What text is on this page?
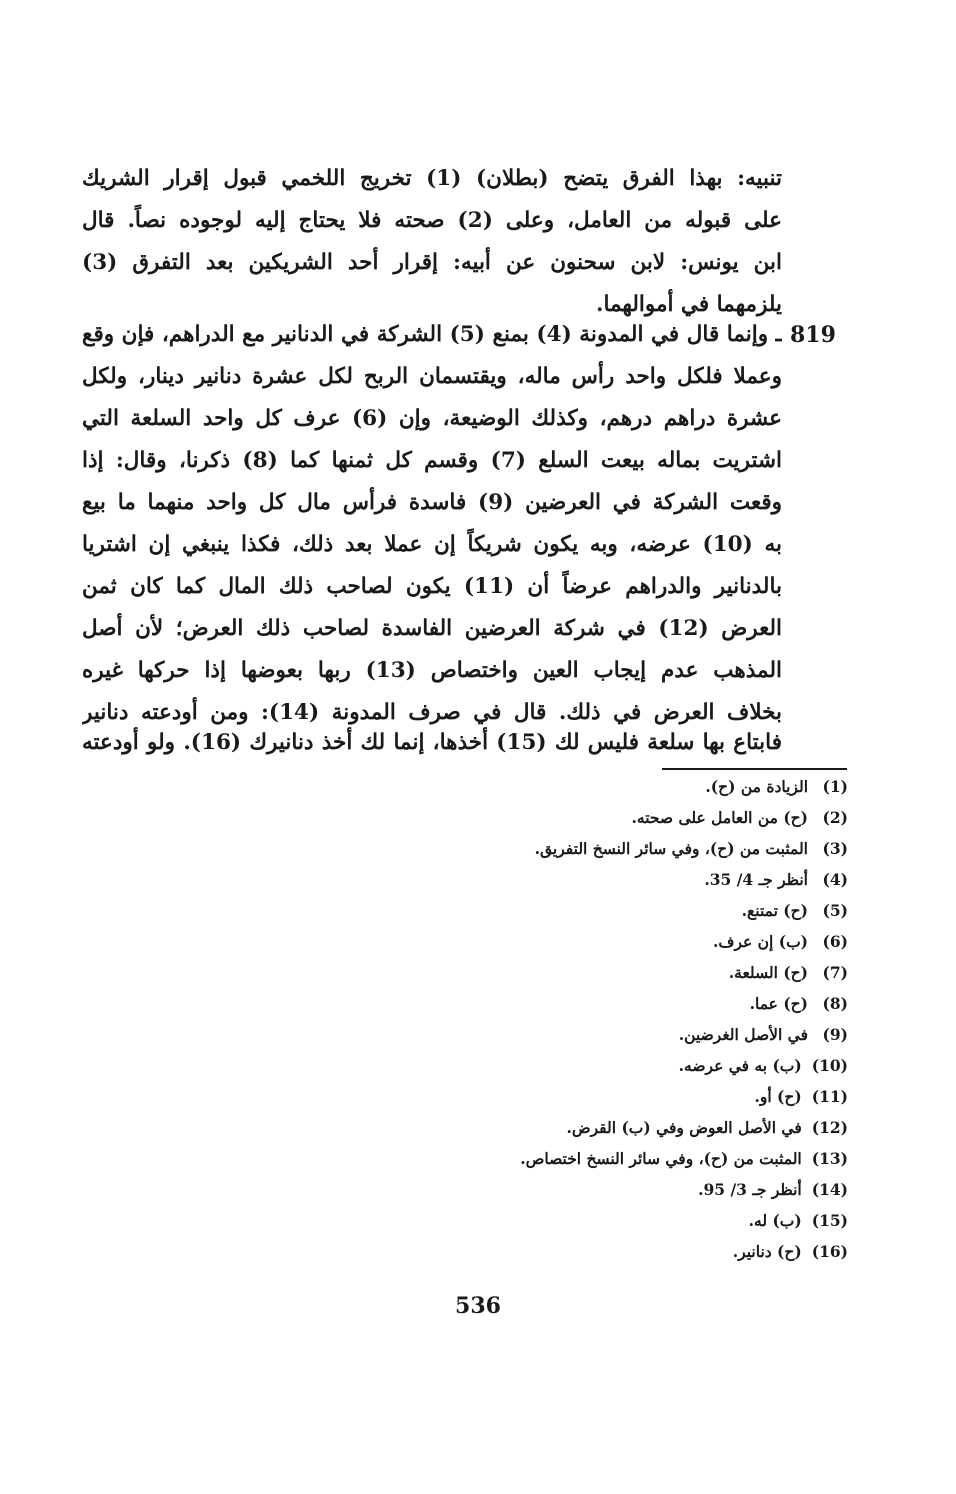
تنبيه: بهذا الفرق يتضح (بطلان) (1) تخريج اللخمي قبول إقرار الشريك
على قبوله من العامل، وعلى (2) صحته فلا يحتاج إليه لوجوده نصاً. قال
ابن يونس: لابن سحنون عن أبيه: إقرار أحد الشريكين بعد التفرق (3)
يلزمهما في أموالهما.
819
ـ وإنما قال في المدونة (4) بمنع (5) الشركة في الدنانير مع الدراهم، فإن وقع
وعملا فلكل واحد رأس ماله، ويقتسمان الربح لكل عشرة دنانير دينار، ولكل
عشرة دراهم درهم، وكذلك الوضيعة، وإن (6) عرف كل واحد السلعة التي
اشتريت بماله بيعت السلع (7) وقسم كل ثمنها كما (8) ذكرنا، وقال: إذا
وقعت الشركة في العرضين (9) فاسدة فرأس مال كل واحد منهما ما بيع
به (10) عرضه، وبه يكون شريكاً إن عملا بعد ذلك، فكذا ينبغي إن اشتريا
بالدنانير والدراهم عرضاً أن (11) يكون لصاحب ذلك المال كما كان ثمن
العرض (12) في شركة العرضين الفاسدة لصاحب ذلك العرض؛ لأن أصل
المذهب عدم إيجاب العين واختصاص (13) ربها بعوضها إذا حركها غيره
بخلاف العرض في ذلك. قال في صرف المدونة (14): ومن أودعته دنانير
فابتاع بها سلعة فليس لك (15) أخذها، إنما لك أخذ دنانيرك (16). ولو أودعته
(1)الزيادة من (ح).
(2)(ح) من العامل على صحته.
(3)المثبت من (ح)، وفي سائر النسخ التفريق.
(4)أنظر جـ 4/ 35.
(5)(ح) تمتنع.
(6)(ب) إن عرف.
(7)(ح) السلعة.
(8)(ح) عما.
(9)في الأصل الغرضين.
(10)(ب) به في عرضه.
(11)(ح) أو.
(12)في الأصل العوض وفي (ب) القرض.
(13)المثبت من (ح)، وفي سائر النسخ اختصاص.
(14)أنظر جـ 3/ 95.
(15)(ب) له.
(16)(ح) دنانير.
536
